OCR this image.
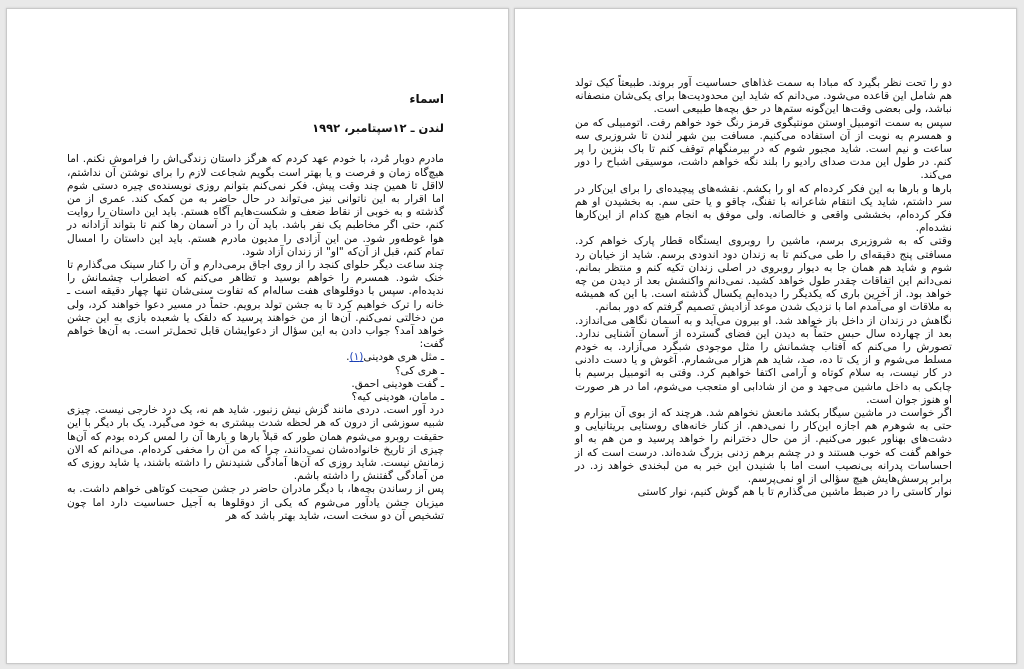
اسماء
لندن ـ ۱۲سپتامبر، ۱۹۹۲

مادرم دوبار مُرد، با خودم عهد کردم که هرگز داستان زندگی‌اش را فراموش نکنم. اما هیچ‌گاه زمان و فرصت و یا بهتر است بگویم شجاعت لازم را برای نوشتن آن نداشتم، لااقل تا همین چند وقت پیش. فکر نمی‌کنم بتوانم روزی نویسنده‌ی چیره دستی شوم اما اقرار به این ناتوانی نیز می‌تواند در حال حاضر به من کمک کند. عمری از من گذشته و به خوبی از نقاط ضعف و شکست‌هایم آگاه هستم. باید این داستان را روایت کنم، حتی اگر مخاطبم یک نفر باشد. باید آن را در آسمان رها کنم تا بتواند آزادانه در هوا غوطه‌ور شود. من این آزادی را مدیون مادرم هستم. باید این داستان را امسال تمام کنم، قبل از آن‌که "او" از زندان آزاد شود.

چند ساعت دیگر حلوای کنجد را از روی اجاق برمی‌دارم و آن را کنار سینک می‌گذارم تا خنک شود. همسرم را خواهم بوسید و تظاهر می‌کنم که اضطراب چشمانش را ندیده‌ام. سپس با دوقلوهای هفت ساله‌ام که تفاوت سنی‌شان تنها چهار دقیقه است ـ خانه را ترک خواهیم کرد تا به جشن تولد برویم. حتماً در مسیر دعوا خواهند کرد، ولی من دخالتی نمی‌کنم. آن‌ها از من خواهند پرسید که دلقک یا شعبده بازی به این جشن خواهد آمد؟ جواب دادن به این سؤال از دعوایشان قابل تحمل‌تر است. به آن‌ها خواهم گفت:

ـ مثل هری هودینی(۱).

ـ هری کی؟

ـ گفت هودینی احمق.

ـ مامان، هودینی کیه؟

درد آور است. دردی مانند گزش نیش زنبور. شاید هم نه، یک درد خارجی نیست. چیزی شبیه سوزشی از درون که هر لحظه شدت بیشتری به خود می‌گیرد. یک بار دیگر با این حقیقت روبرو می‌شوم همان طور که قبلاً بارها و بارها آن را لمس کرده بودم که آن‌ها چیزی از تاریخ خانواده‌شان نمی‌دانند، چرا که من آن را مخفی کرده‌ام. می‌دانم که الان زمانش نیست. شاید روزی که آن‌ها آمادگی شنیدنش را داشته باشند، یا شاید روزی که من آمادگی گفتنش را داشته باشم.

پس از رساندن بچه‌ها، با دیگر مادران حاضر در جشن صحبت کوتاهی خواهم داشت. به میزبان جشن یادآور می‌شوم که یکی از دوقلوها به آجیل حساسیت دارد اما چون تشخیص آن دو سخت است، شاید بهتر باشد که هر

دو را تحت نظر بگیرد که مبادا به سمت غذاهای حساسیت آور بروند. طبیعتاً کیک تولد هم شامل این قاعده می‌شود. می‌دانم که شاید این محدودیت‌ها برای یکی‌شان منصفانه نباشد، ولی بعضی وقت‌ها این‌گونه ستم‌ها در حق بچه‌ها طبیعی است.

سپس به سمت اتومبیل اوستن مونتیگوی قرمز رنگ خود خواهم رفت. اتومبیلی که من و همسرم به نوبت از آن استفاده می‌کنیم. مسافت بین شهر لندن تا شروزبری سه ساعت و نیم است. شاید مجبور شوم که در بیرمنگهام توقف کنم تا باک بنزین را پر کنم. در طول این مدت صدای رادیو را بلند نگه خواهم داشت، موسیقی اشباح را دور می‌کند.

بارها و بارها به این فکر کرده‌ام که او را بکشم. نقشه‌های پیچیده‌ای را برای این‌کار در سر داشتم، شاید یک انتقام شاعرانه با تفنگ، چاقو و یا حتی سم. به بخشیدن او هم فکر کرده‌ام، بخششی واقعی و خالصانه. ولی موفق به انجام هیچ کدام از این‌کارها نشده‌ام.

وقتی که به شروزبری برسم، ماشین را روبروی ایستگاه قطار پارک خواهم کرد. مسافتی پنج دقیقه‌ای را طی می‌کنم تا به زندان دود اندودی برسم. شاید از خیابان رد شوم و شاید هم همان جا به دیوار روبروی در اصلی زندان تکیه کنم و منتظر بمانم. نمی‌دانم این اتفاقات چقدر طول خواهد کشید. نمی‌دانم واکنشش بعد از دیدن من چه خواهد بود. از آخرین باری که یکدیگر را دیده‌ایم یکسال گذشته است. با این که همیشه به ملاقات او می‌آمدم اما با نزدیک شدن موعد آزادیش تصمیم گرفتم که دور بمانم.

نگاهش در زندان از داخل باز خواهد شد. او بیرون می‌آید و به آسمان نگاهی می‌اندازد. بعد از چهارده سال حبس حتماً به دیدن این فضای گسترده از آسمان آشنایی ندارد. تصورش را می‌کنم که آفتاب چشمانش را مثل موجودی شبگرد می‌آزارد. به خودم مسلط می‌شوم و از یک تا ده، صد، شاید هم هزار می‌شمارم. آغوش و یا دست دادنی در کار نیست، به سلام کوتاه و آرامی اکتفا خواهیم کرد. وقتی به اتومبیل برسیم با چابکی به داخل ماشین می‌جهد و من از شادابی او متعجب می‌شوم، اما در هر صورت او هنوز جوان است.

اگر خواست در ماشین سیگار بکشد مانعش نخواهم شد. هرچند که از بوی آن بیزارم و حتی به شوهرم هم اجازه این‌کار را نمی‌دهم. از کنار خانه‌های روستایی بریتانیایی و دشت‌های بهناور عبور می‌کنیم. از من حال دخترانم را خواهد پرسید و من هم به او خواهم گفت که خوب هستند و در چشم برهم زدنی بزرگ شده‌اند. درست است که از احساسات پدرانه بی‌نصیب است اما با شنیدن این خبر به من لبخندی خواهد زد. در برابر پرسش‌هایش هیچ سؤالی از او نمی‌پرسم.

نوار کاستی را در ضبط ماشین می‌گذارم تا با هم گوش کنیم، نوار کاستی
